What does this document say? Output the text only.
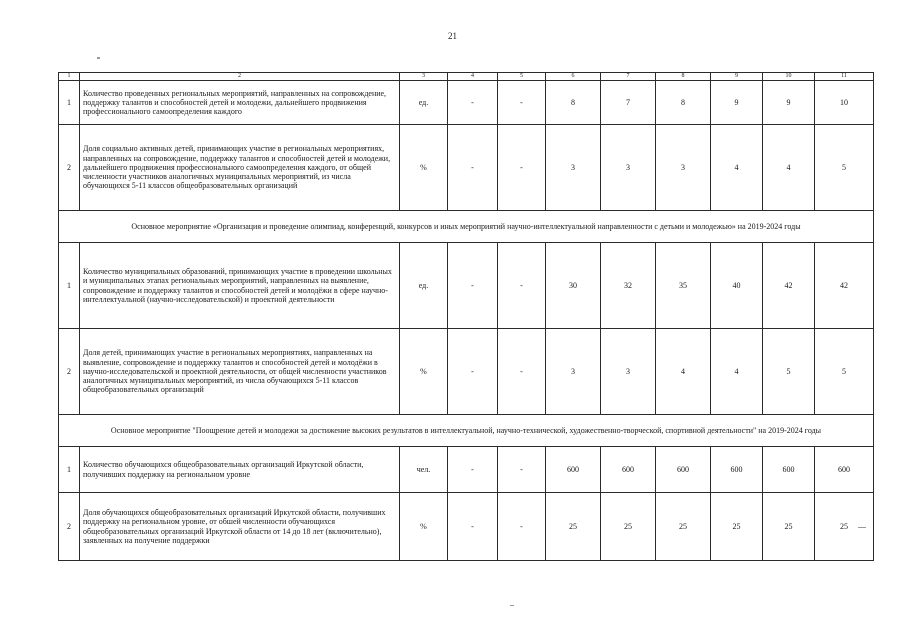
21
1	2	3	4	5	6	7	8	9	10	11
1	Количество проведенных региональных мероприятий, направленных на сопровождение, поддержку талантов и способностей детей и молодежи, дальнейшего продвижения профессионального самоопределения каждого	ед.	-	-	8	7	8	9	9	10
2	Доля социально активных детей, принимающих участие в региональных мероприятиях, направленных на сопровождение, поддержку талантов и способностей детей и молодежи, дальнейшего продвижения профессионального самоопределения каждого, от общей численности участников аналогичных муниципальных мероприятий, из числа обучающихся 5-11 классов общеобразовательных организаций	%	-	-	3	3	3	4	4	5
Основное мероприятие «Организация и проведение олимпиад, конференций, конкурсов и иных мероприятий научно-интеллектуальной направленности с детьми и молодежью» на 2019-2024 годы										
1	Количество муниципальных образований, принимающих участие в проведении школьных и муниципальных этапах региональных мероприятий, направленных на выявление, сопровождение и поддержку талантов и способностей детей и молодёжи в сфере научно-интеллектуальной (научно-исследовательской) и проектной деятельности	ед.	-	-	30	32	35	40	42	42
2	Доля детей, принимающих участие в региональных мероприятиях, направленных на выявление, сопровождение и поддержку талантов и способностей детей и молодёжи в научно-исследовательской и проектной деятельности, от общей численности участников аналогичных муниципальных мероприятий, из числа обучающихся 5-11 классов общеобразовательных организаций	%	-	-	3	3	4	4	5	5
Основное мероприятие "Поощрение детей и молодежи за достижение высоких результатов в интеллектуальной, научно-технической, художественно-творческой, спортивной деятельности" на 2019-2024 годы										
1	Количество обучающихся общеобразовательных организаций Иркутской области, получивших поддержку на региональном уровне	чел.	-	-	600	600	600	600	600	600
2	Доля обучающихся общеобразовательных организаций Иркутской области, получивших поддержку на региональном уровне, от обшей численности обучающихся общеобразовательных организаций Иркутской области от 14 до 18 лет (включительно), заявленных на получение поддержки	%	-	-	25	25	25	25	25	25
